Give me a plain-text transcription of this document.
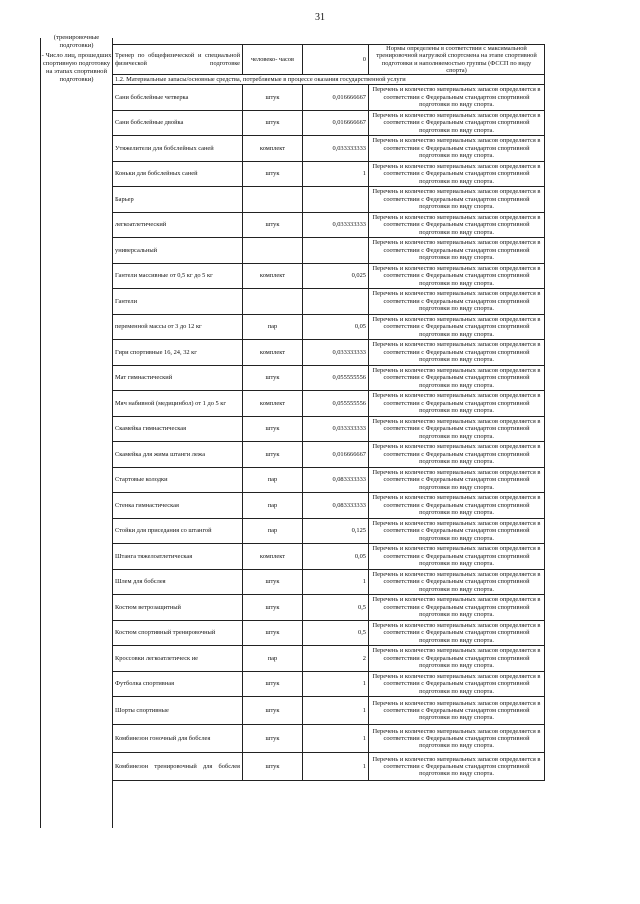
31
(тренировочные подготовки)
- Число лиц, прошедших спортивную подготовку на этапах спортивной подготовки)
Тренер по общефизической и специальной физической подготовке	человеко- часов	0	Нормы определены в соответствии с максимальной тренировочной нагрузкой спортсмена на этапе спортивной подготовки и наполняемостью группы (ФССП по виду спорта)
1.2. Материальные запасы/основные средства, потребляемые в процессе оказания государственной услуги			
Сани бобслейные четверка	штук	0,016666667	Перечень и количество материальных запасов определяется в соответствии с Федеральным стандартом спортивной подготовки по виду спорта.
Сани бобслейные двойка	штук	0,016666667	Перечень и количество материальных запасов определяется в соответствии с Федеральным стандартом спортивной подготовки по виду спорта.
Утяжелители для бобслейных саней	комплект	0,033333333	Перечень и количество материальных запасов определяется в соответствии с Федеральным стандартом спортивной подготовки по виду спорта.
Коньки для бобслейных саней	штук	1	Перечень и количество материальных запасов определяется в соответствии с Федеральным стандартом спортивной подготовки по виду спорта.
Барьер			Перечень и количество материальных запасов определяется в соответствии с Федеральным стандартом спортивной подготовки по виду спорта.
легкоатлетический	штук	0,033333333	Перечень и количество материальных запасов определяется в соответствии с Федеральным стандартом спортивной подготовки по виду спорта.
универсальный			Перечень и количество материальных запасов определяется в соответствии с Федеральным стандартом спортивной подготовки по виду спорта.
Гантели массивные от 0,5 кг до 5 кг	комплект	0,025	Перечень и количество материальных запасов определяется в соответствии с Федеральным стандартом спортивной подготовки по виду спорта.
Гантели			Перечень и количество материальных запасов определяется в соответствии с Федеральным стандартом спортивной подготовки по виду спорта.
переменной массы от 3 до 12 кг	пар	0,05	Перечень и количество материальных запасов определяется в соответствии с Федеральным стандартом спортивной подготовки по виду спорта.
Гири спортивные 16, 24, 32 кг	комплект	0,033333333	Перечень и количество материальных запасов определяется в соответствии с Федеральным стандартом спортивной подготовки по виду спорта.
Мат гимнастический	штук	0,055555556	Перечень и количество материальных запасов определяется в соответствии с Федеральным стандартом спортивной подготовки по виду спорта.
Мяч набивной (медицинбол) от 1 до 5 кг	комплект	0,055555556	Перечень и количество материальных запасов определяется в соответствии с Федеральным стандартом спортивной подготовки по виду спорта.
Скамейка гимнастическая	штук	0,033333333	Перечень и количество материальных запасов определяется в соответствии с Федеральным стандартом спортивной подготовки по виду спорта.
Скамейка для жима штанги лежа	штук	0,016666667	Перечень и количество материальных запасов определяется в соответствии с Федеральным стандартом спортивной подготовки по виду спорта.
Стартовые колодки	пар	0,083333333	Перечень и количество материальных запасов определяется в соответствии с Федеральным стандартом спортивной подготовки по виду спорта.
Стенка гимнастическая	пар	0,083333333	Перечень и количество материальных запасов определяется в соответствии с Федеральным стандартом спортивной подготовки по виду спорта.
Стойки для приседания со штангой	пар	0,125	Перечень и количество материальных запасов определяется в соответствии с Федеральным стандартом спортивной подготовки по виду спорта.
Штанга тяжелоатлетическая	комплект	0,05	Перечень и количество материальных запасов определяется в соответствии с Федеральным стандартом спортивной подготовки по виду спорта.
Шлем для бобслея	штук	1	Перечень и количество материальных запасов определяется в соответствии с Федеральным стандартом спортивной подготовки по виду спорта.
Костюм ветрозащитный	штук	0,5	Перечень и количество материальных запасов определяется в соответствии с Федеральным стандартом спортивной подготовки по виду спорта.
Костюм спортивный тренировочный	штук	0,5	Перечень и количество материальных запасов определяется в соответствии с Федеральным стандартом спортивной подготовки по виду спорта.
Кроссовки легкоатлетическ ие	пар	2	Перечень и количество материальных запасов определяется в соответствии с Федеральным стандартом спортивной подготовки по виду спорта.
Футболка спортивная	штук	1	Перечень и количество материальных запасов определяется в соответствии с Федеральным стандартом спортивной подготовки по виду спорта.
Шорты спортивные	штук	1	Перечень и количество материальных запасов определяется в соответствии с Федеральным стандартом спортивной подготовки по виду спорта.
Комбинезон гоночный для бобслея	штук	1	Перечень и количество материальных запасов определяется в соответствии с Федеральным стандартом спортивной подготовки по виду спорта.
Комбинезон тренировочный для бобслея	штук	1	Перечень и количество материальных запасов определяется в соответствии с Федеральным стандартом спортивной подготовки по виду спорта.
